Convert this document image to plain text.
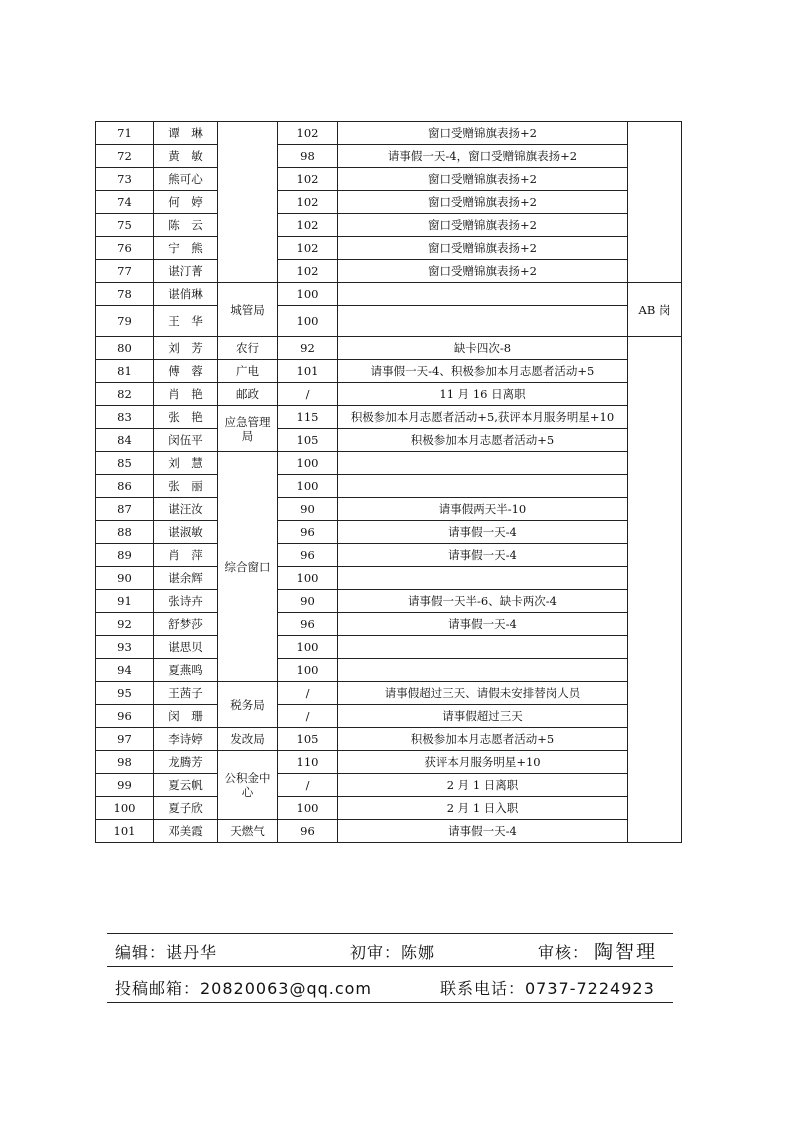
71	谭　琳		102	窗口受赠锦旗表扬+2	
72	黄　敏		98	请事假一天-4，窗口受赠锦旗表扬+2	
73	熊可心		102	窗口受赠锦旗表扬+2	
74	何　婷		102	窗口受赠锦旗表扬+2	
75	陈　云		102	窗口受赠锦旗表扬+2	
76	宁　熊		102	窗口受赠锦旗表扬+2	
77	谌汀菁		102	窗口受赠锦旗表扬+2	
78	谌俏琳	城管局	100		AB 岗
79	王　华		100		
80	刘　芳	农行	92	缺卡四次-8	
81	傅　蓉	广电	101	请事假一天-4、积极参加本月志愿者活动+5	
82	肖　艳	邮政	/	11 月 16 日离职	
83	张　艳	应急管理局	115	积极参加本月志愿者活动+5,获评本月服务明星+10	
84	闵伍平		105	积极参加本月志愿者活动+5	
85	刘　慧	综合窗口	100		
86	张　丽		100		
87	谌汪汝		90	请事假两天半-10	
88	谌淑敏		96	请事假一天-4	
89	肖　萍		96	请事假一天-4	
90	谌余辉		100		
91	张诗卉		90	请事假一天半-6、缺卡两次-4	
92	舒梦莎		96	请事假一天-4	
93	谌思贝		100		
94	夏燕鸣		100		
95	王茜子	税务局	/	请事假超过三天、请假未安排替岗人员	
96	闵　珊		/	请事假超过三天	
97	李诗婷	发改局	105	积极参加本月志愿者活动+5	
98	龙腾芳	公积金中心	110	获评本月服务明星+10	
99	夏云帆		/	2 月 1 日离职	
100	夏子欣		100	2 月 1 日入职	
101	邓美霞	天燃气	96	请事假一天-4	
编辑：谌丹华	初审：陈娜	审核： 陶智理
投稿邮箱：20820063@qq.com	联系电话：0737-7224923
